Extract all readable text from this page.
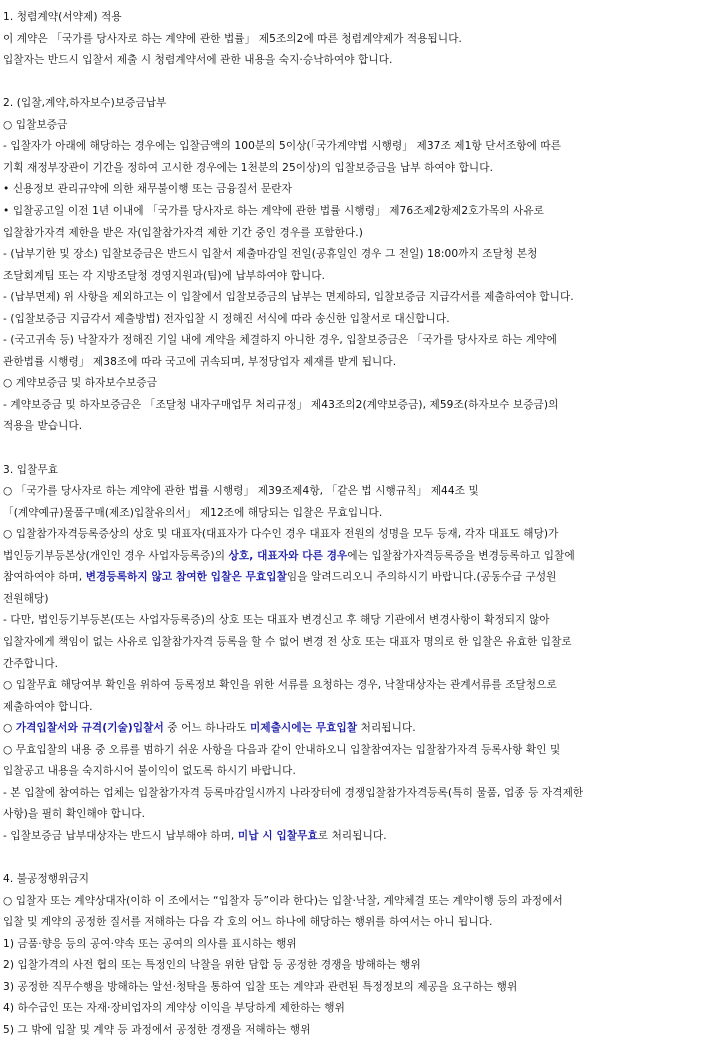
1. 청렴계약(서약제) 적용
이 계약은 「국가를 당사자로 하는 계약에 관한 법률」 제5조의2에 따른 청렴계약제가 적용됩니다.
입찰자는 반드시 입찰서 제출 시 청렴계약서에 관한 내용을 숙지·승낙하여야 합니다.
2. (입찰,계약,하자보수)보증금납부
○ 입찰보증금
- 입찰자가 아래에 해당하는 경우에는 입찰금액의 100분의 5이상(「국가계약법 시행령」 제37조 제1항 단서조항에 따른
기획 재정부장관이 기간을 정하여 고시한 경우에는 1천분의 25이상)의 입찰보증금을 납부 하여야 합니다.
• 신용정보 관리규약에 의한 채무불이행 또는 금융질서 문란자
• 입찰공고일 이전 1년 이내에 「국가를 당사자로 하는 계약에 관한 법률 시행령」 제76조제2항제2호가목의 사유로
입찰참가자격 제한을 받은 자(입찰참가자격 제한 기간 중인 경우를 포함한다.)
- (납부기한 및 장소) 입찰보증금은 반드시 입찰서 제출마감일 전일(공휴일인 경우 그 전일) 18:00까지 조달청 본청
조달회계팀 또는 각 지방조달청 경영지원과(팀)에 납부하여야 합니다.
- (납부면제) 위 사항을 제외하고는 이 입찰에서 입찰보증금의 납부는 면제하되, 입찰보증금 지급각서를 제출하여야 합니다.
- (입찰보증금 지급각서 제출방법) 전자입찰 시 정해진 서식에 따라 송신한 입찰서로 대신합니다.
- (국고귀속 등) 낙찰자가 정해진 기일 내에 계약을 체결하지 아니한 경우, 입찰보증금은 「국가를 당사자로 하는 계약에
관한법률 시행령」 제38조에 따라 국고에 귀속되며, 부정당업자 제재를 받게 됩니다.
○ 계약보증금 및 하자보수보증금
- 계약보증금 및 하자보증금은 「조달청 내자구매업무 처리규정」 제43조의2(계약보증금), 제59조(하자보수 보증금)의
적용을 받습니다.
3. 입찰무효
○ 「국가를 당사자로 하는 계약에 관한 법률 시행령」 제39조제4항, 「같은 법 시행규칙」 제44조 및
「(계약예규)물품구매(제조)입찰유의서」 제12조에 해당되는 입찰은 무효입니다.
○ 입찰참가자격등록증상의 상호 및 대표자(대표자가 다수인 경우 대표자 전원의 성명을 모두 등재, 각자 대표도 해당)가
법인등기부등본상(개인인 경우 사업자등록증)의 상호, 대표자와 다른 경우에는 입찰참가자격등록증을 변경등록하고 입찰에
참여하여야 하며, 변경등록하지 않고 참여한 입찰은 무효입찰임을 알려드리오니 주의하시기 바랍니다.(공동수급 구성원
전원해당)
- 다만, 법인등기부등본(또는 사업자등록증)의 상호 또는 대표자 변경신고 후 해당 기관에서 변경사항이 확정되지 않아
입찰자에게 책임이 없는 사유로 입찰참가자격 등록을 할 수 없어 변경 전 상호 또는 대표자 명의로 한 입찰은 유효한 입찰로
간주합니다.
○ 입찰무효 해당여부 확인을 위하여 등록정보 확인을 위한 서류를 요청하는 경우, 낙찰대상자는 관계서류를 조달청으로
제출하여야 합니다.
○ 가격입찰서와 규격(기술)입찰서 중 어느 하나라도 미제출시에는 무효입찰 처리됩니다.
○ 무효입찰의 내용 중 오류를 범하기 쉬운 사항을 다음과 같이 안내하오니 입찰참여자는 입찰참가자격 등록사항 확인 및
입찰공고 내용을 숙지하시어 불이익이 없도록 하시기 바랍니다.
- 본 입찰에 참여하는 업체는 입찰참가자격 등록마감일시까지 나라장터에 경쟁입찰참가자격등록(특히 물품, 업종 등 자격제한
사항)을 필히 확인해야 합니다.
- 입찰보증금 납부대상자는 반드시 납부해야 하며, 미납 시 입찰무효로 처리됩니다.
4. 불공정행위금지
○ 입찰자 또는 계약상대자(이하 이 조에서는 “입찰자 등”이라 한다)는 입찰·낙찰, 계약체결 또는 계약이행 등의 과정에서
입찰 및 계약의 공정한 질서를 저해하는 다음 각 호의 어느 하나에 해당하는 행위를 하여서는 아니 됩니다.
1) 금품·향응 등의 공여·약속 또는 공여의 의사를 표시하는 행위
2) 입찰가격의 사전 협의 또는 특정인의 낙찰을 위한 담합 등 공정한 경쟁을 방해하는 행위
3) 공정한 직무수행을 방해하는 알선·청탁을 통하여 입찰 또는 계약과 관련된 특정정보의 제공을 요구하는 행위
4) 하수급인 또는 자재·장비업자의 계약상 이익을 부당하게 제한하는 행위
5) 그 밖에 입찰 및 계약 등 과정에서 공정한 경쟁을 저해하는 행위
